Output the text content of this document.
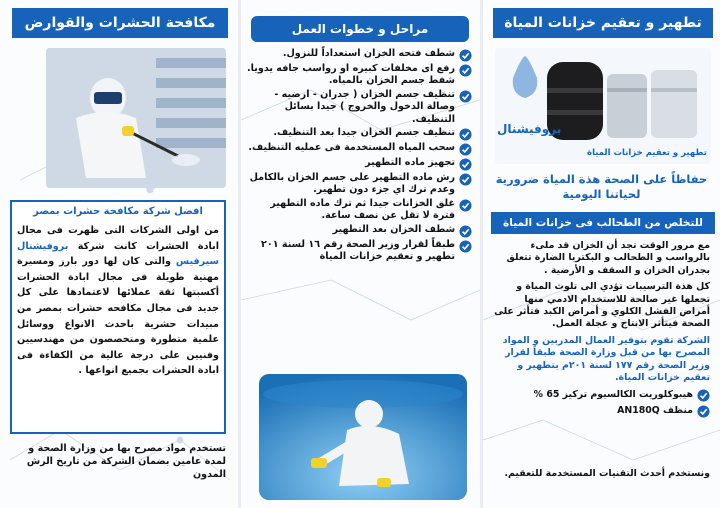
مكافحة الحشرات والقوارض
افضل شركة مكافحة حشرات بمصر
من اولى الشركات التى ظهرت فى مجال ابادة الحشرات كانت شركة بروفيشنال سيرفيس والتى كان لها دور بارز ومسيرة مهنية طويلة فى مجال ابادة الحشرات أكسبتها ثقة عملائها لاعتمادها على كل جديد فى مجال مكافحه حشرات بمصر من مبيدات حشرية باحدث الانواع ووسائل علمية متطورة ومتخصصون من مهندسيين وفنيين على درجة عالية من الكفاءة فى ابادة الحشرات بجميع انواعها .
تستخدم مواد مصرح بها من وزارة الصحة و لمدة عامين بضمان الشركة من تاريخ الرش المدون
مراحل و خطوات العمل
شطف فتحه الخزان استعداداً للنزول.
رفع اى مخلفات كبيره او رواسب جافه يدويا. شفط جسم الخزان بالمياه.
تنظيف جسم الخزان ( جدران - ارضيه - وصالة الدخول والخروج ) جيدا بسائل التنظيف.
تنظيف جسم الخزان جيدا بعد التنظيف.
سحب المياه المستخدمة فى عمليه التنظيف.
تجهيز ماده التطهير
رش ماده التطهير على جسم الخزان بالكامل وعدم ترك اي جزء دون تطهير.
غلق الخزانات جيدا ثم ترك ماده التطهير فترة لا تقل عن نصف ساعة.
شطف الخزان بعد التطهير
طبقاً لقرار وزير الصحة رقم ١٦ لسنة ٢٠١ تطهير و تعقيم خزانات المياة
تطهير و تعقيم خزانات المياة
بروفيشنال
تطهير و تعقيم خزانات المياة
حفاظاً على الصحة هذة المياة ضرورية لحياتنا اليومية
للتخلص من الطحالب فى خزانات المياة

مع مرور الوقت تجد أن الخزان قد ملىء بالرواسب و الطحالب و البكتريا الضارة تتعلق بجدران الخزان و السقف و الأرضية .

كل هذة الترسيبات تؤدي الى تلوث المياة و تجعلها غير صالحة للاستخدام الادمي منها أمراض الفشل الكلوي و أمراض الكبد فتأثر على الصحة فيتأثر الانتاج و عجلة العمل.

الشركة تقوم بتوفير العمال المدربين و المواد المصرح بها من قبل وزارة الصحة طبقاً لقرار وزير الصحة رقم ١٧٧ لسنة ٢٠١م بتطهير و تعقيم خزانات المياة.

هيبوكلوريت الكالسيوم تركيز 65 %
منظف AN180Q
ونستخدم أحدث التقنيات المستخدمة للتعقيم.
